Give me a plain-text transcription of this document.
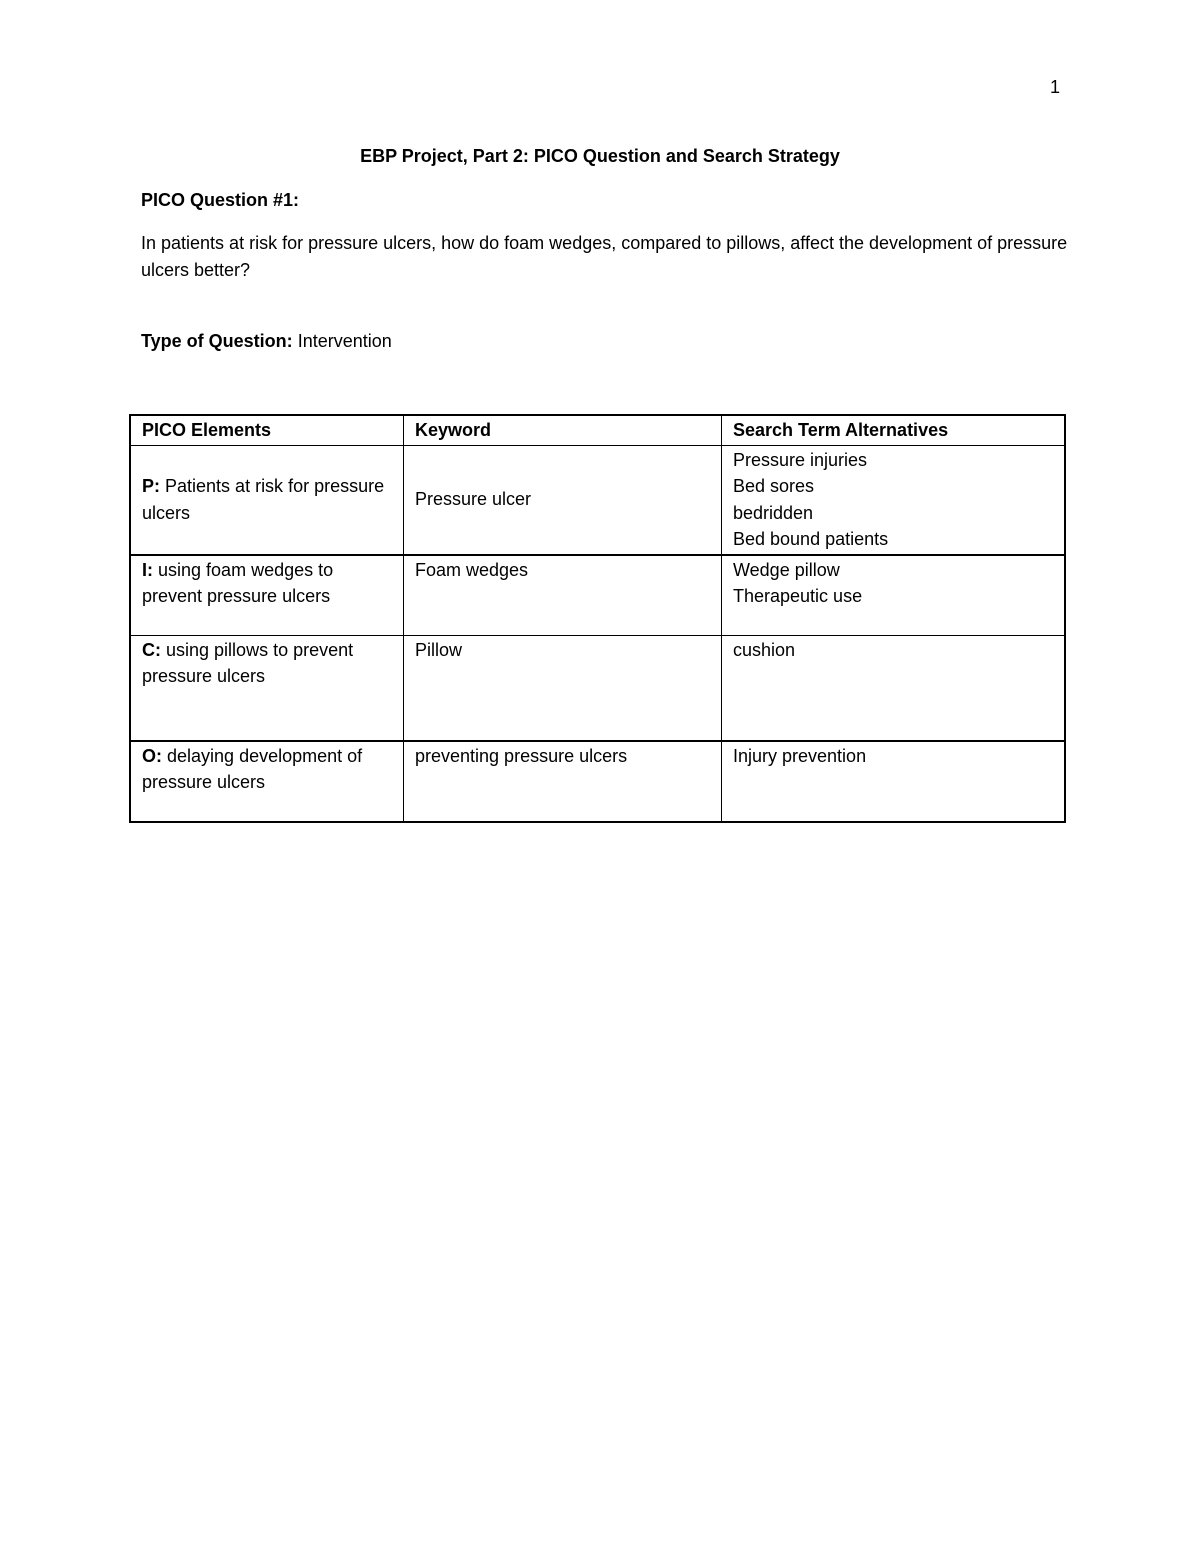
1
EBP Project, Part 2: PICO Question and Search Strategy
PICO Question #1:
In patients at risk for pressure ulcers, how do foam wedges, compared to pillows, affect the development of pressure ulcers better?
Type of Question: Intervention
PICO Elements	Keyword	Search Term Alternatives
P: Patients at risk for pressure ulcers	Pressure ulcer	Pressure injuries
Bed sores
bedridden
Bed bound patients

I: using foam wedges to prevent pressure ulcers	Foam wedges	Wedge pillow
Therapeutic use

C: using pillows to prevent pressure ulcers	Pillow	cushion

O: delaying development of pressure ulcers	preventing pressure ulcers	Injury prevention
